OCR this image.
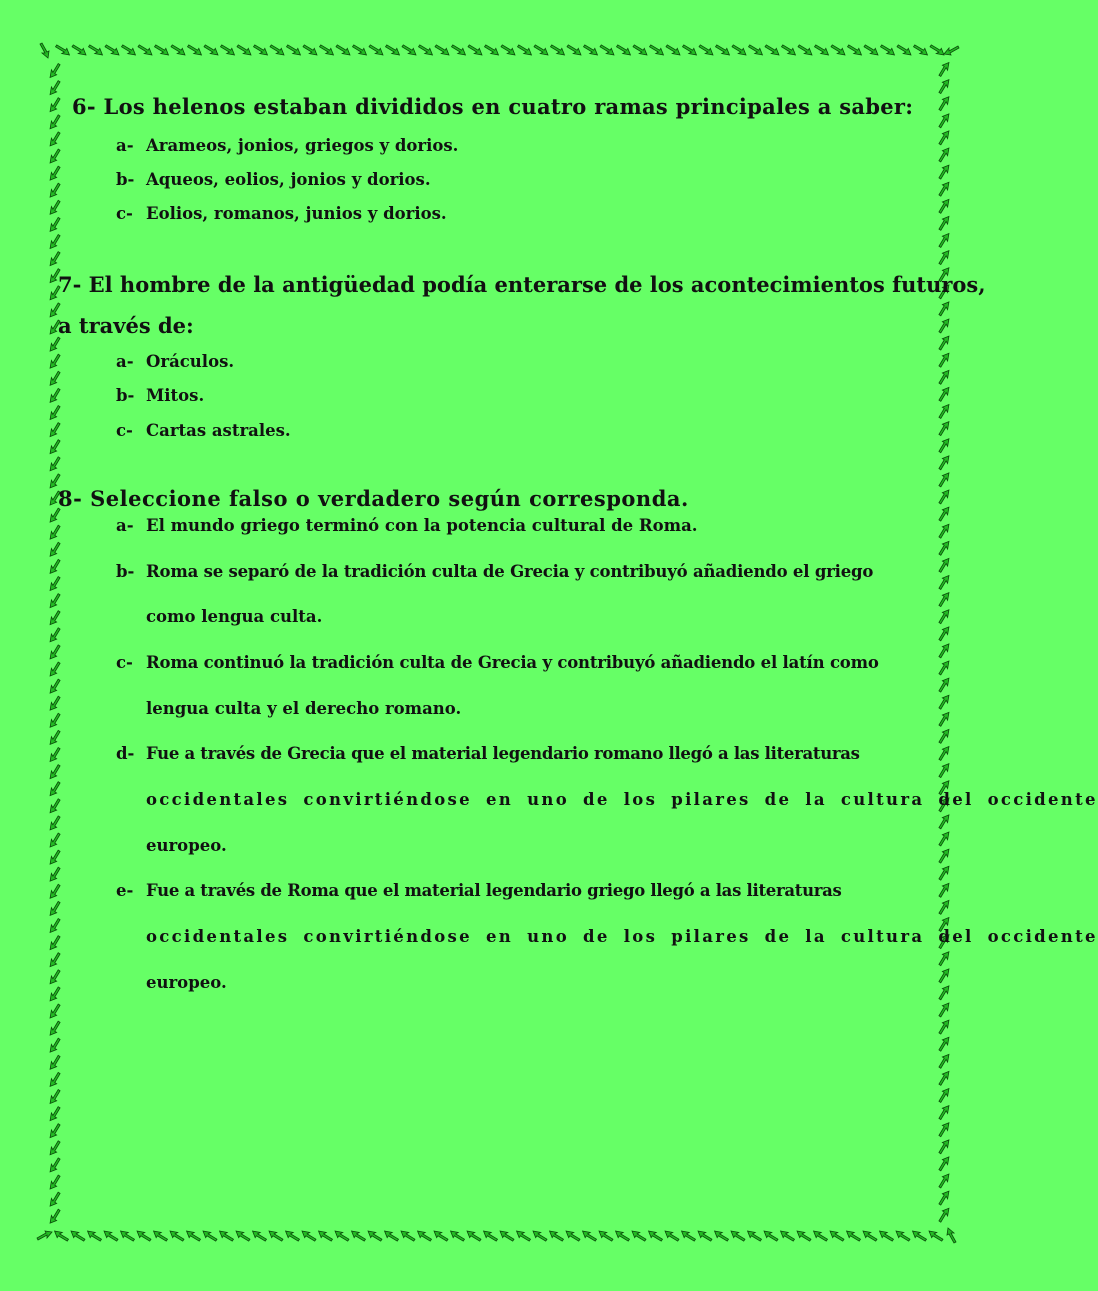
6- Los helenos estaban divididos en cuatro ramas principales a saber:
a- Arameos, jonios, griegos y dorios.
b- Aqueos, eolios, jonios y dorios.
c- Eolios, romanos, junios y dorios.
7- El hombre de la antigüedad podía enterarse de los acontecimientos futuros,
a través de:
a- Oráculos.
b- Mitos.
c- Cartas astrales.
8- Seleccione falso o verdadero según corresponda.
a- El mundo griego terminó con la potencia cultural de Roma.
b- Roma se separó de la tradición culta de Grecia y contribuyó añadiendo el griego
como lengua culta.
c- Roma continuó la tradición culta de Grecia y contribuyó añadiendo el latín como
lengua culta y el derecho romano.
d- Fue a través de Grecia que el material legendario romano llegó a las literaturas
occidentales convirtiéndose en uno de los pilares de la cultura del occidente
europeo.
e- Fue a través de Roma que el material legendario griego llegó a las literaturas
occidentales convirtiéndose en uno de los pilares de la cultura del occidente
europeo.
